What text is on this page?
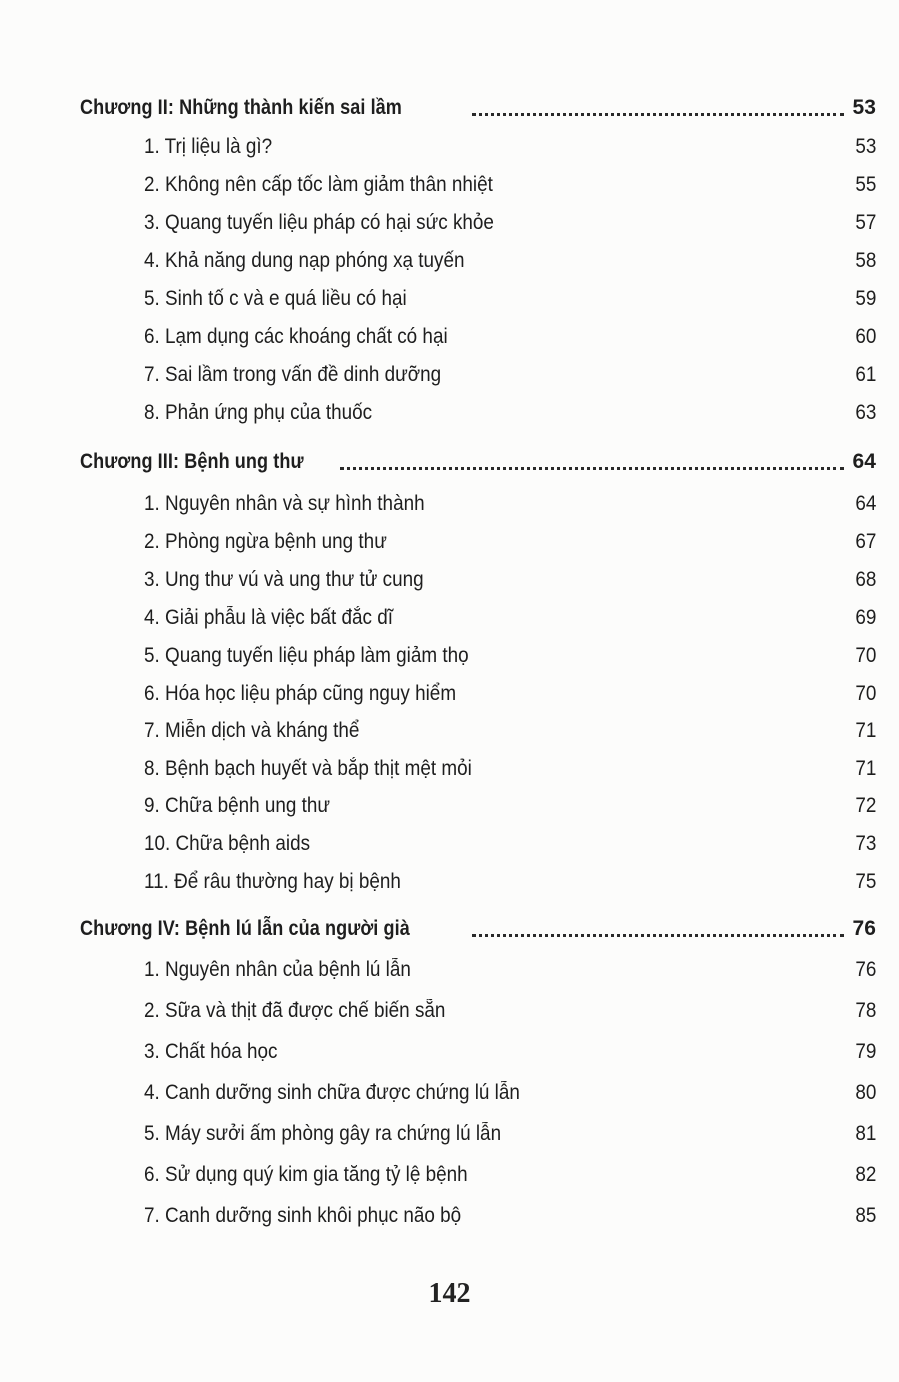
Chương II: Những thành kiến sai lầm	53
1. Trị liệu là gì?	53
2. Không nên cấp tốc làm giảm thân nhiệt	55
3. Quang tuyến liệu pháp có hại sức khỏe	57
4. Khả năng dung nạp phóng xạ tuyến	58
5. Sinh tố c và e quá liều có hại	59
6. Lạm dụng các khoáng chất có hại	60
7. Sai lầm trong vấn đề dinh dưỡng	61
8. Phản ứng phụ của thuốc	63
Chương III: Bệnh ung thư	64
1. Nguyên nhân và sự hình thành	64
2. Phòng ngừa bệnh ung thư	67
3. Ung thư vú và ung thư tử cung	68
4. Giải phẫu là việc bất đắc dĩ	69
5. Quang tuyến liệu pháp làm giảm thọ	70
6. Hóa học liệu pháp cũng nguy hiểm	70
7. Miễn dịch và kháng thể	71
8. Bệnh bạch huyết và bắp thịt mệt mỏi	71
9. Chữa bệnh ung thư	72
10. Chữa bệnh aids	73
11. Để râu thường hay bị bệnh	75
Chương IV: Bệnh lú lẫn của người già	76
1. Nguyên nhân của bệnh lú lẫn	76
2. Sữa và thịt đã được chế biến sẵn	78
3. Chất hóa học	79
4. Canh dưỡng sinh chữa được chứng lú lẫn	80
5. Máy sưởi ấm phòng gây ra chứng lú lẫn	81
6. Sử dụng quý kim gia tăng tỷ lệ bệnh	82
7. Canh dưỡng sinh khôi phục não bộ	85
142
